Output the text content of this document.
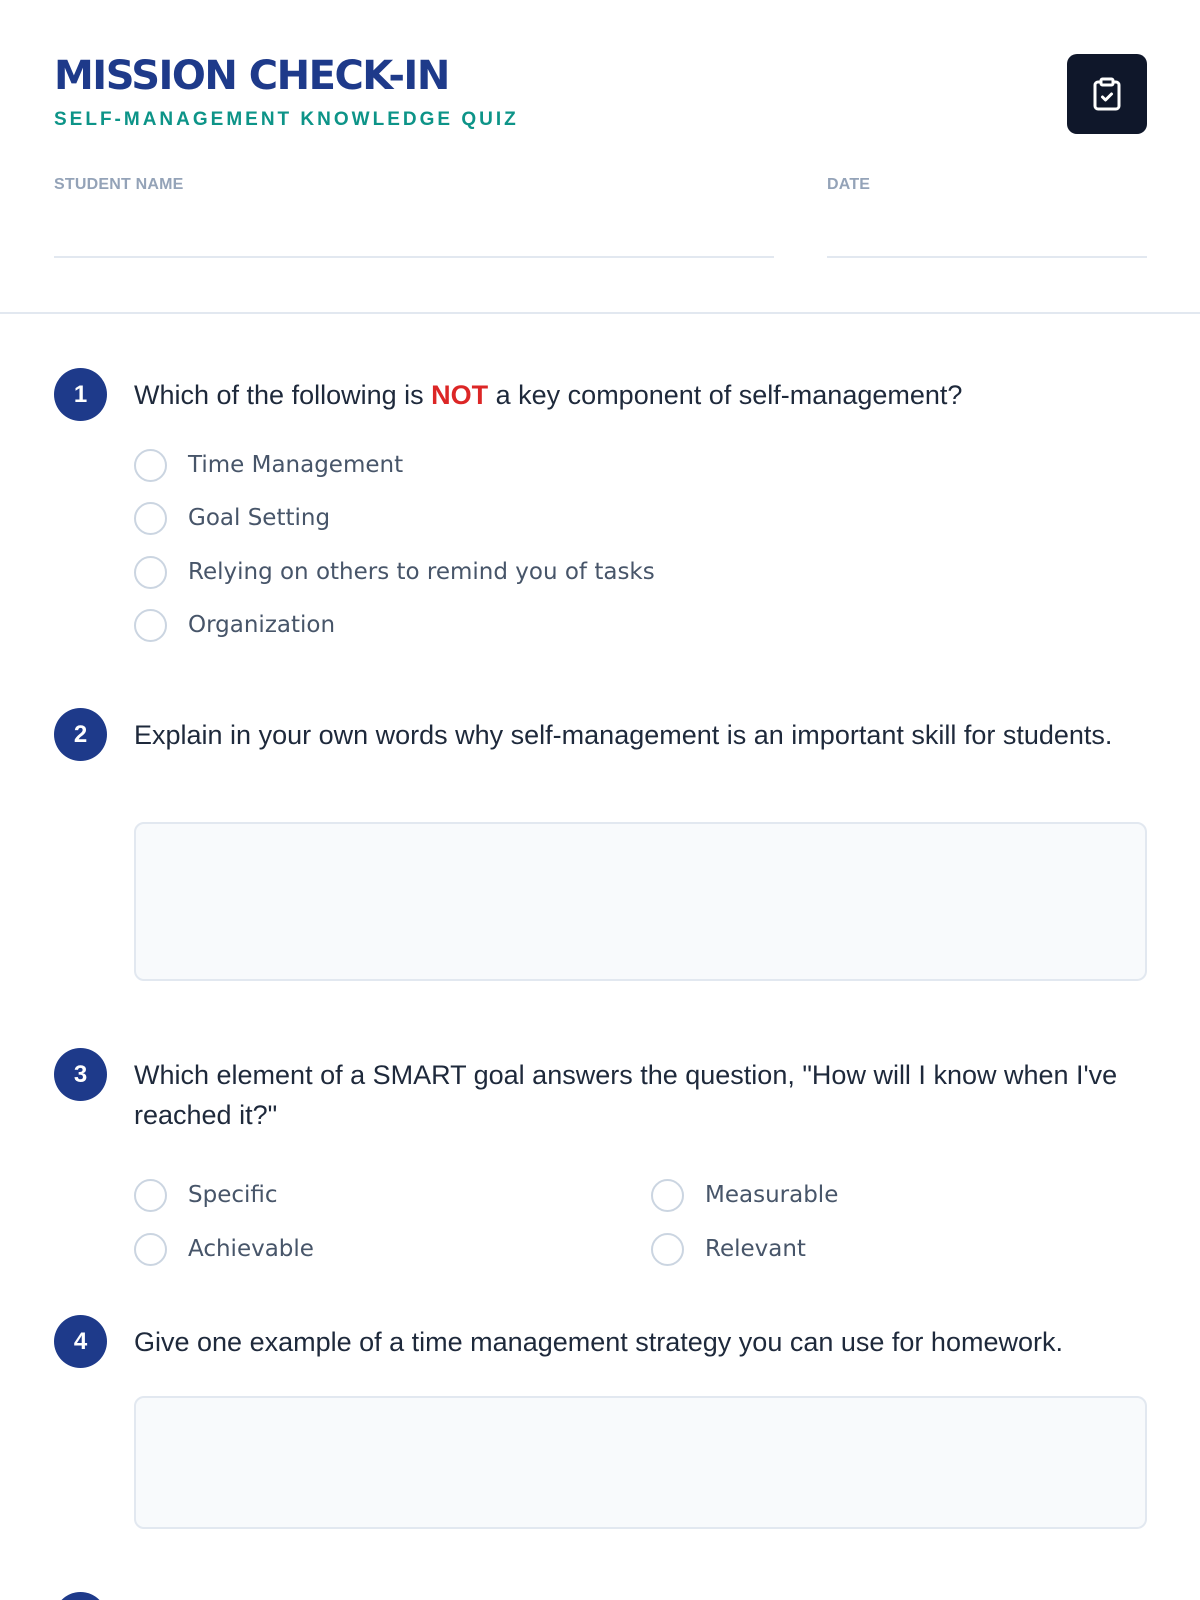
MISSION CHECK-IN
SELF-MANAGEMENT KNOWLEDGE QUIZ
STUDENT NAME	DATE
1	Which of the following is NOT a key component of self-management?
Time Management
Goal Setting
Relying on others to remind you of tasks
Organization
2	Explain in your own words why self-management is an important skill for students.
3	Which element of a SMART goal answers the question, "How will I know when I've reached it?"
Specific	Measurable
Achievable	Relevant
4	Give one example of a time management strategy you can use for homework.
